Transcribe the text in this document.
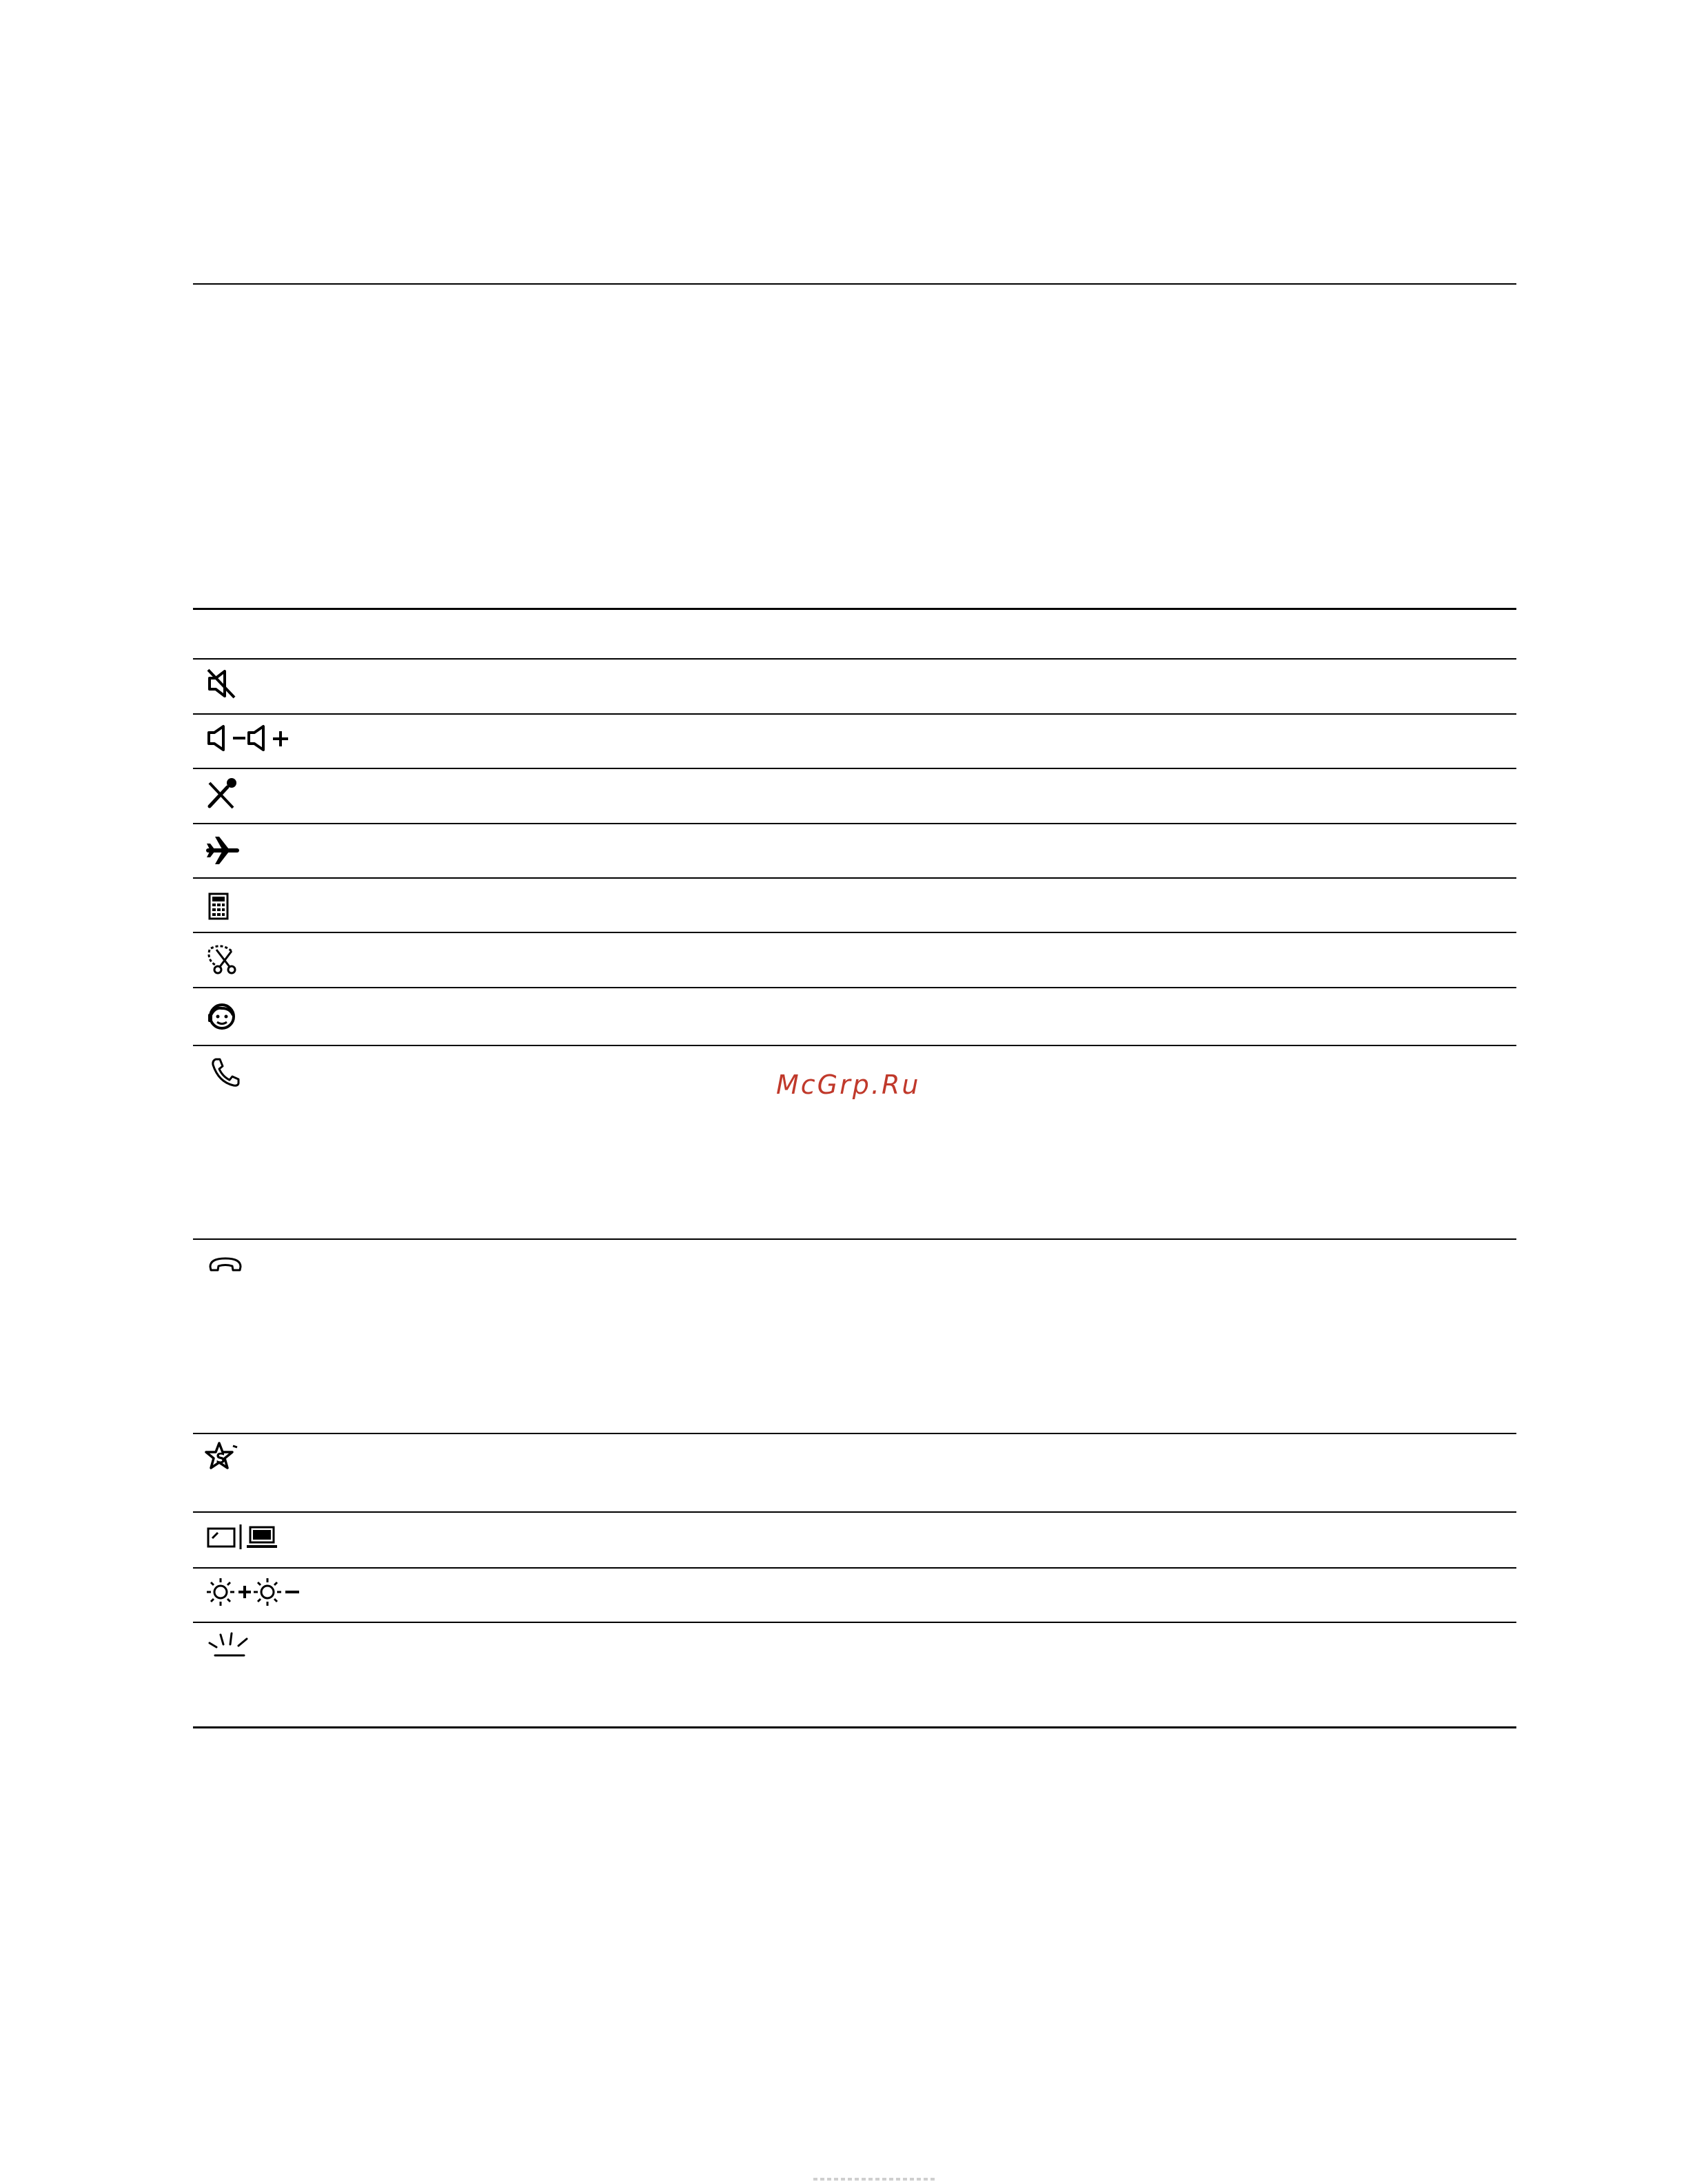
S
McGrp.Ru
